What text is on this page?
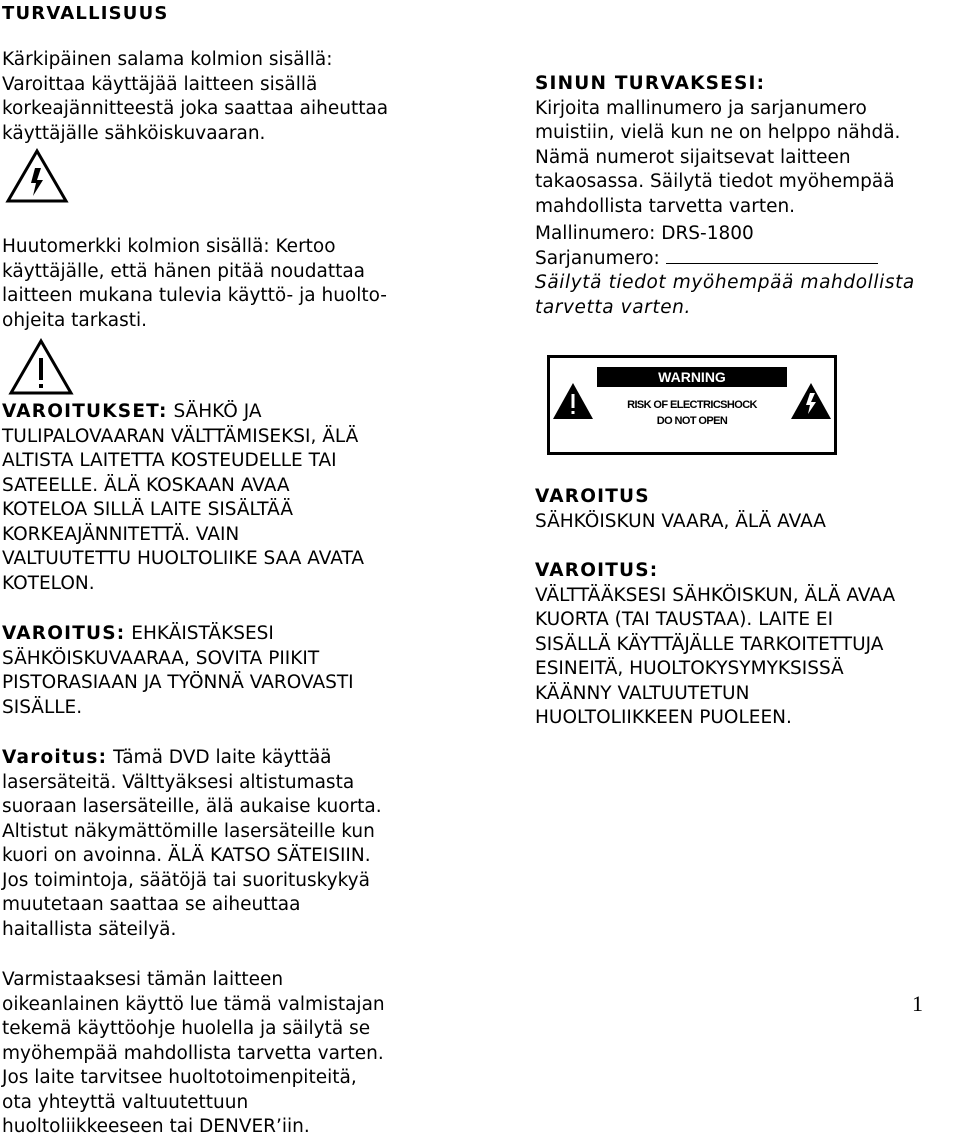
TURVALLISUUS
Kärkipäinen salama kolmion sisällä:
Varoittaa käyttäjää laitteen sisällä
korkeajännitteestä joka saattaa aiheuttaa
käyttäjälle sähköiskuvaaran.
Huutomerkki kolmion sisällä: Kertoo
käyttäjälle, että hänen pitää noudattaa
laitteen mukana tulevia käyttö- ja huolto-
ohjeita tarkasti.
VAROITUKSET: SÄHKÖ JA
TULIPALOVAARAN VÄLTTÄMISEKSI, ÄLÄ
ALTISTA LAITETTA KOSTEUDELLE TAI
SATEELLE. ÄLÄ KOSKAAN AVAA
KOTELOA SILLÄ LAITE SISÄLTÄÄ
KORKEAJÄNNITETTÄ. VAIN
VALTUUTETTU HUOLTOLIIKE SAA AVATA
KOTELON.
VAROITUS: EHKÄISTÄKSESI
SÄHKÖISKUVAARAA, SOVITA PIIKIT
PISTORASIAAN JA TYÖNNÄ VAROVASTI
SISÄLLE.
Varoitus: Tämä DVD laite käyttää
lasersäteitä. Välttyäksesi altistumasta
suoraan lasersäteille, älä aukaise kuorta.
Altistut näkymättömille lasersäteille kun
kuori on avoinna. ÄLÄ KATSO SÄTEISIIN.
Jos toimintoja, säätöjä tai suorituskykyä
muutetaan saattaa se aiheuttaa
haitallista säteilyä.
Varmistaaksesi tämän laitteen
oikeanlainen käyttö lue tämä valmistajan
tekemä käyttöohje huolella ja säilytä se
myöhempää mahdollista tarvetta varten.
Jos laite tarvitsee huoltotoimenpiteitä,
ota yhteyttä valtuutettuun
huoltoliikkeeseen tai DENVER’iin.
SINUN TURVAKSESI:
Kirjoita mallinumero ja sarjanumero
muistiin, vielä kun ne on helppo nähdä.
Nämä numerot sijaitsevat laitteen
takaosassa. Säilytä tiedot myöhempää
mahdollista tarvetta varten.
Mallinumero: DRS-1800
Sarjanumero:
Säilytä tiedot myöhempää mahdollista
tarvetta varten.
WARNING
RISK OF ELECTRICSHOCK
DO NOT OPEN
VAROITUS
SÄHKÖISKUN VAARA, ÄLÄ AVAA
VAROITUS:
VÄLTTÄÄKSESI SÄHKÖISKUN, ÄLÄ AVAA
KUORTA (TAI TAUSTAA). LAITE EI
SISÄLLÄ KÄYTTÄJÄLLE TARKOITETTUJA
ESINEITÄ, HUOLTOKYSYMYKSISSÄ
KÄÄNNY VALTUUTETUN
HUOLTOLIIKKEEN PUOLEEN.
1
